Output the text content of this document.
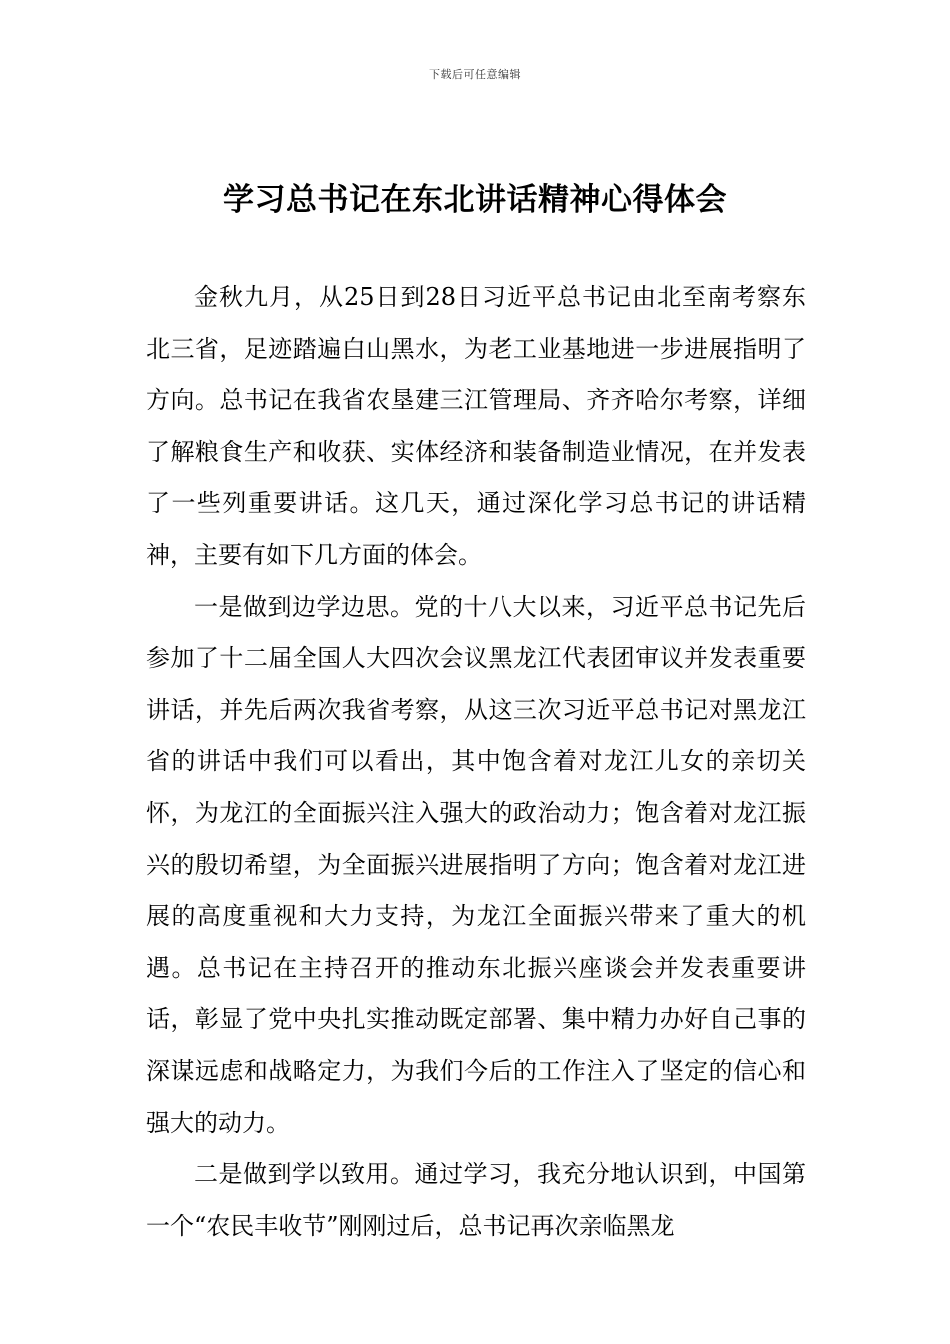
下载后可任意编辑
学习总书记在东北讲话精神心得体会

金秋九月，从25日到28日习近平总书记由北至南考察东北三省，足迹踏遍白山黑水，为老工业基地进一步进展指明了方向。总书记在我省农垦建三江管理局、齐齐哈尔考察，详细了解粮食生产和收获、实体经济和装备制造业情况，在并发表了一些列重要讲话。这几天，通过深化学习总书记的讲话精神，主要有如下几方面的体会。

一是做到边学边思。党的十八大以来，习近平总书记先后参加了十二届全国人大四次会议黑龙江代表团审议并发表重要讲话，并先后两次我省考察，从这三次习近平总书记对黑龙江省的讲话中我们可以看出，其中饱含着对龙江儿女的亲切关怀，为龙江的全面振兴注入强大的政治动力；饱含着对龙江振兴的殷切希望，为全面振兴进展指明了方向；饱含着对龙江进展的高度重视和大力支持，为龙江全面振兴带来了重大的机遇。总书记在主持召开的推动东北振兴座谈会并发表重要讲话，彰显了党中央扎实推动既定部署、集中精力办好自己事的深谋远虑和战略定力，为我们今后的工作注入了坚定的信心和强大的动力。

二是做到学以致用。通过学习，我充分地认识到，中国第一个“农民丰收节”刚刚过后，总书记再次亲临黑龙
